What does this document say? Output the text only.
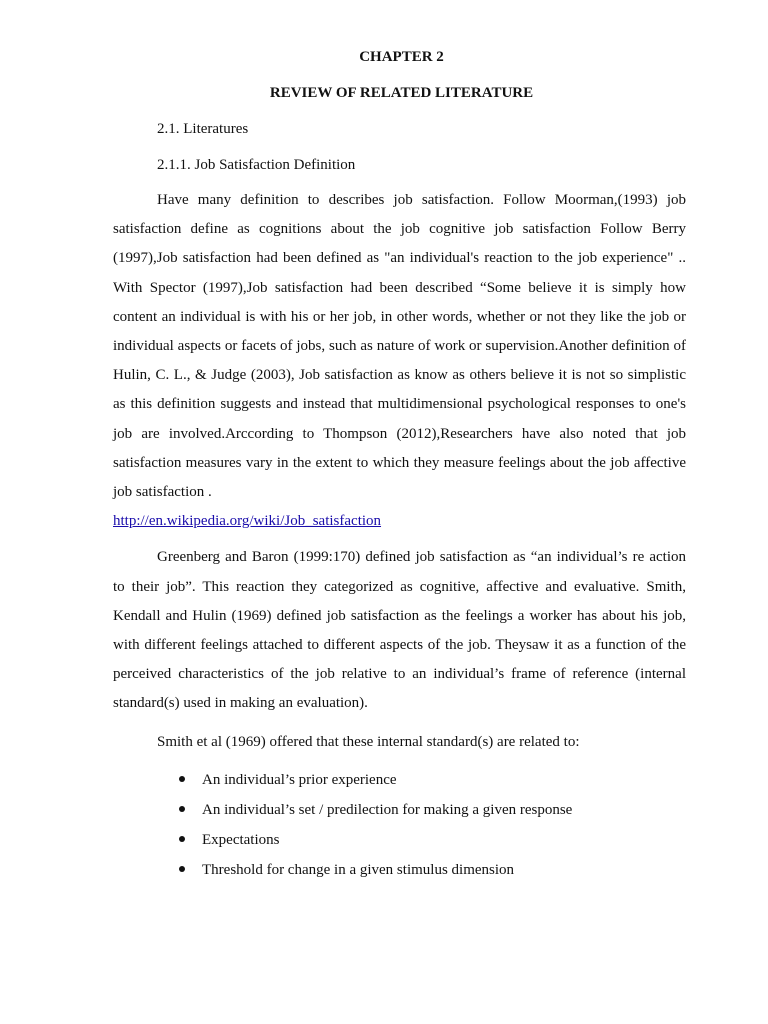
CHAPTER 2

REVIEW OF RELATED LITERATURE

2.1. Literatures

2.1.1. Job Satisfaction Definition

Have many definition to describes job satisfaction. Follow Moorman,(1993) job satisfaction define as cognitions about the job cognitive job satisfaction Follow Berry (1997),Job satisfaction had been defined as "an individual's reaction to the job experience" .. With Spector (1997),Job satisfaction had been described “Some believe it is simply how content an individual is with his or her job, in other words, whether or not they like the job or individual aspects or facets of jobs, such as nature of work or supervision.Another definition of Hulin, C. L., & Judge (2003), Job satisfaction as know as others believe it is not so simplistic as this definition suggests and instead that multidimensional psychological responses to one's job are involved.Arccording to Thompson (2012),Researchers have also noted that job satisfaction measures vary in the extent to which they measure feelings about the job affective job satisfaction .
http://en.wikipedia.org/wiki/Job_satisfaction

Greenberg and Baron (1999:170) defined job satisfaction as “an individual’s re action to their job”. This reaction they categorized as cognitive, affective and evaluative. Smith, Kendall and Hulin (1969) defined job satisfaction as the feelings a worker has about his job, with different feelings attached to different aspects of the job. Theysaw it as a function of the perceived characteristics of the job relative to an individual’s frame of reference (internal standard(s) used in making an evaluation).

Smith et al (1969) offered that these internal standard(s) are related to:

An individual’s prior experience
An individual’s set / predilection for making a given response
Expectations
Threshold for change in a given stimulus dimension
